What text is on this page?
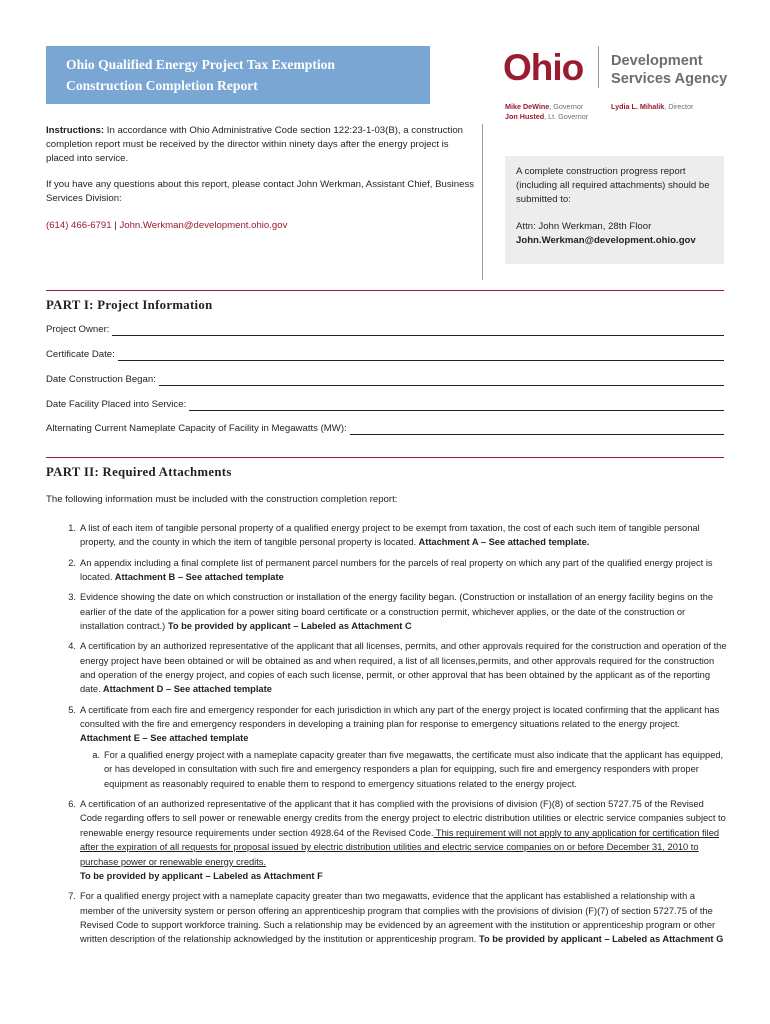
Ohio Qualified Energy Project Tax Exemption
Construction Completion Report	Ohio Development
Services Agency
Mike DeWine, Governor
Jon Husted, Lt. Governor
Lydia L. Mihalik, Director

Instructions: In accordance with Ohio Administrative Code section 122:23-1-03(B), a construction completion report must be received by the director within ninety days after the energy project is placed into service.

If you have any questions about this report, please contact John Werkman, Assistant Chief, Business Services Division:

(614) 466-6791 | John.Werkman@development.ohio.gov

A complete construction progress report (including all required attachments) should be submitted to:
Attn: John Werkman, 28th Floor
John.Werkman@development.ohio.gov
PART I: Project Information
Project Owner:
Certificate Date:
Date Construction Began:
Date Facility Placed into Service:
Alternating Current Nameplate Capacity of Facility in Megawatts (MW):
PART II: Required Attachments
The following information must be included with the construction completion report:
1. A list of each item of tangible personal property of a qualified energy project to be exempt from taxation, the cost of each such item of tangible personal property, and the county in which the item of tangible personal property is located. Attachment A – See attached template.
2. An appendix including a final complete list of permanent parcel numbers for the parcels of real property on which any part of the qualified energy project is located. Attachment B – See attached template
3. Evidence showing the date on which construction or installation of the energy facility began. (Construction or installation of an energy facility begins on the earlier of the date of the application for a power siting board certificate or a construction permit, whichever applies, or the date of the construction or installation contract.) To be provided by applicant – Labeled as Attachment C
4. A certification by an authorized representative of the applicant that all licenses, permits, and other approvals required for the construction and operation of the energy project have been obtained or will be obtained as and when required, a list of all licenses,permits, and other approvals required for the construction and operation of the energy project, and copies of each such license, permit, or other approval that has been obtained by the applicant as of the reporting date. Attachment D – See attached template
5. A certificate from each fire and emergency responder for each jurisdiction in which any part of the energy project is located confirming that the applicant has consulted with the fire and emergency responders in developing a training plan for response to emergency situations related to the energy project. Attachment E – See attached template
a. For a qualified energy project with a nameplate capacity greater than five megawatts, the certificate must also indicate that the applicant has equipped, or has developed in consultation with such fire and emergency responders a plan for equipping, such fire and emergency responders with proper equipment as reasonably required to enable them to respond to emergency situations related to the energy project.
6. A certification of an authorized representative of the applicant that it has complied with the provisions of division (F)(8) of section 5727.75 of the Revised Code regarding offers to sell power or renewable energy credits from the energy project to electric distribution utilities or electric service companies subject to renewable energy resource requirements under section 4928.64 of the Revised Code. This requirement will not apply to any application for certification filed after the expiration of all requests for proposal issued by electric distribution utilities and electric service companies on or before December 31, 2010 to purchase power or renewable energy credits.
To be provided by applicant – Labeled as Attachment F
7. For a qualified energy project with a nameplate capacity greater than two megawatts, evidence that the applicant has established a relationship with a member of the university system or person offering an apprenticeship program that complies with the provisions of division (F)(7) of section 5727.75 of the Revised Code to support workforce training. Such a relationship may be evidenced by an agreement with the institution or apprenticeship program or other written description of the relationship acknowledged by the institution or apprenticeship program. To be provided by applicant – Labeled as Attachment G
